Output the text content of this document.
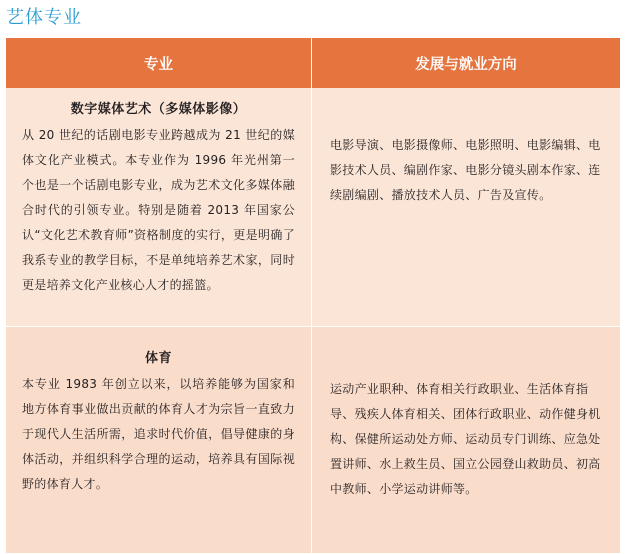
艺体专业
专业	发展与就业方向

数字媒体艺术（多媒体影像）
从 20 世纪的话剧电影专业跨越成为 21 世纪的媒体文化产业模式。本专业作为 1996 年光州第一个也是一个话剧电影专业，成为艺术文化多媒体融合时代的引领专业。特别是随着 2013 年国家公认“文化艺术教育师”资格制度的实行，更是明确了我系专业的教学目标，不是单纯培养艺术家，同时更是培养文化产业核心人才的摇篮。	电影导演、电影摄像师、电影照明、电影编辑、电影技术人员、编剧作家、电影分镜头剧本作家、连续剧编剧、播放技术人员、广告及宣传。

体育
本专业 1983 年创立以来，以培养能够为国家和地方体育事业做出贡献的体育人才为宗旨一直致力于现代人生活所需，追求时代价值，倡导健康的身体活动，并组织科学合理的运动，培养具有国际视野的体育人才。	运动产业职种、体育相关行政职业、生活体育指导、残疾人体育相关、团体行政职业、动作健身机构、保健所运动处方师、运动员专门训练、应急处置讲师、水上救生员、国立公园登山救助员、初高中教师、小学运动讲师等。
